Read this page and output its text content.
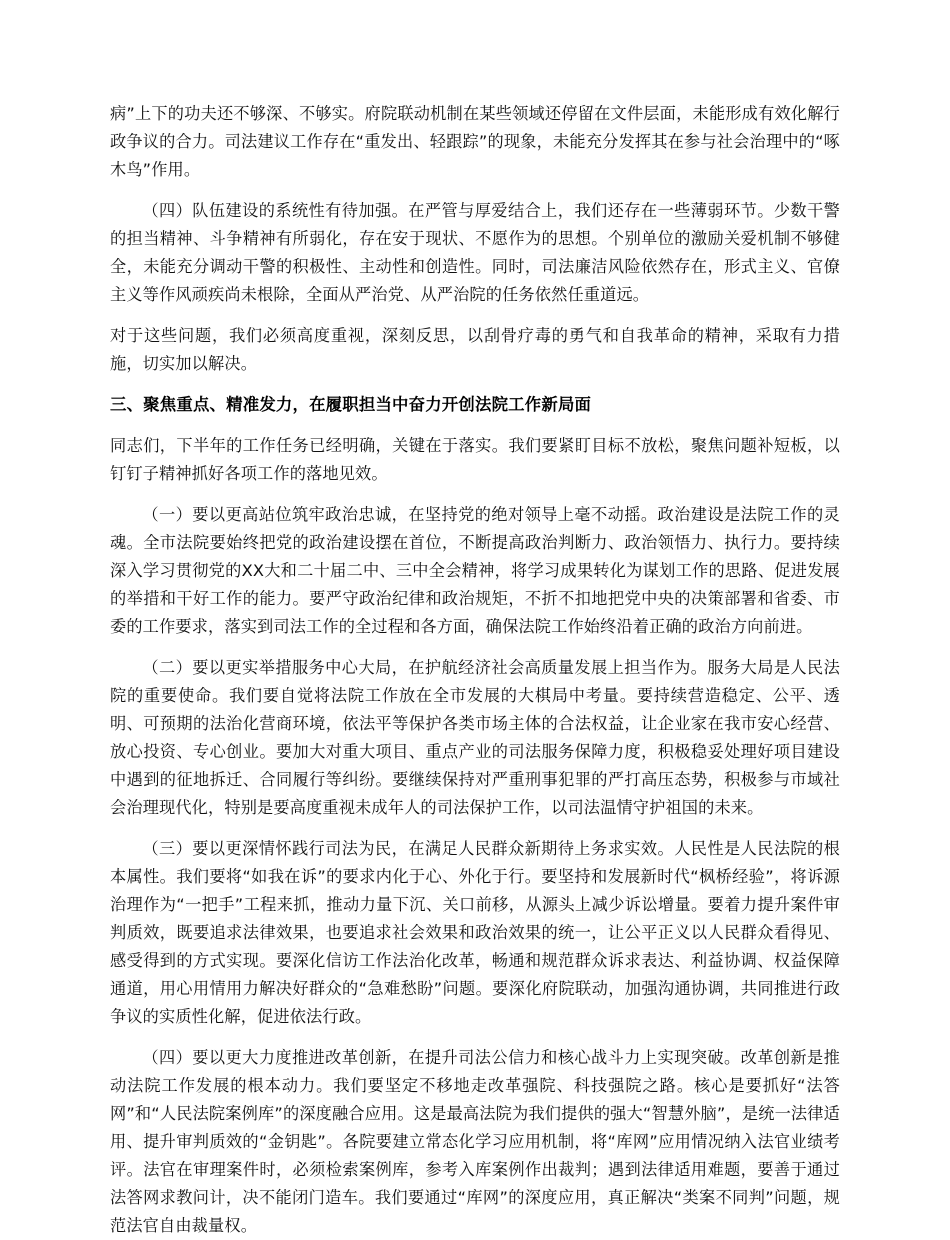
病”上下的功夫还不够深、不够实。府院联动机制在某些领域还停留在文件层面，未能形成有效化解行政争议的合力。司法建议工作存在“重发出、轻跟踪”的现象，未能充分发挥其在参与社会治理中的“啄木鸟”作用。

（四）队伍建设的系统性有待加强。在严管与厚爱结合上，我们还存在一些薄弱环节。少数干警的担当精神、斗争精神有所弱化，存在安于现状、不愿作为的思想。个别单位的激励关爱机制不够健全，未能充分调动干警的积极性、主动性和创造性。同时，司法廉洁风险依然存在，形式主义、官僚主义等作风顽疾尚未根除，全面从严治党、从严治院的任务依然任重道远。

对于这些问题，我们必须高度重视，深刻反思，以刮骨疗毒的勇气和自我革命的精神，采取有力措施，切实加以解决。

三、聚焦重点、精准发力，在履职担当中奋力开创法院工作新局面

同志们，下半年的工作任务已经明确，关键在于落实。我们要紧盯目标不放松，聚焦问题补短板，以钉钉子精神抓好各项工作的落地见效。

（一）要以更高站位筑牢政治忠诚，在坚持党的绝对领导上毫不动摇。政治建设是法院工作的灵魂。全市法院要始终把党的政治建设摆在首位，不断提高政治判断力、政治领悟力、执行力。要持续深入学习贯彻党的XX大和二十届二中、三中全会精神，将学习成果转化为谋划工作的思路、促进发展的举措和干好工作的能力。要严守政治纪律和政治规矩，不折不扣地把党中央的决策部署和省委、市委的工作要求，落实到司法工作的全过程和各方面，确保法院工作始终沿着正确的政治方向前进。

（二）要以更实举措服务中心大局，在护航经济社会高质量发展上担当作为。服务大局是人民法院的重要使命。我们要自觉将法院工作放在全市发展的大棋局中考量。要持续营造稳定、公平、透明、可预期的法治化营商环境，依法平等保护各类市场主体的合法权益，让企业家在我市安心经营、放心投资、专心创业。要加大对重大项目、重点产业的司法服务保障力度，积极稳妥处理好项目建设中遇到的征地拆迁、合同履行等纠纷。要继续保持对严重刑事犯罪的严打高压态势，积极参与市域社会治理现代化，特别是要高度重视未成年人的司法保护工作，以司法温情守护祖国的未来。

（三）要以更深情怀践行司法为民，在满足人民群众新期待上务求实效。人民性是人民法院的根本属性。我们要将“如我在诉”的要求内化于心、外化于行。要坚持和发展新时代“枫桥经验”，将诉源治理作为“一把手”工程来抓，推动力量下沉、关口前移，从源头上减少诉讼增量。要着力提升案件审判质效，既要追求法律效果，也要追求社会效果和政治效果的统一，让公平正义以人民群众看得见、感受得到的方式实现。要深化信访工作法治化改革，畅通和规范群众诉求表达、利益协调、权益保障通道，用心用情用力解决好群众的“急难愁盼”问题。要深化府院联动，加强沟通协调，共同推进行政争议的实质性化解，促进依法行政。

（四）要以更大力度推进改革创新，在提升司法公信力和核心战斗力上实现突破。改革创新是推动法院工作发展的根本动力。我们要坚定不移地走改革强院、科技强院之路。核心是要抓好“法答网”和“人民法院案例库”的深度融合应用。这是最高法院为我们提供的强大“智慧外脑”，是统一法律适用、提升审判质效的“金钥匙”。各院要建立常态化学习应用机制，将“库网”应用情况纳入法官业绩考评。法官在审理案件时，必须检索案例库，参考入库案例作出裁判；遇到法律适用难题，要善于通过法答网求教问计，决不能闭门造车。我们要通过“库网”的深度应用，真正解决“类案不同判”问题，规范法官自由裁量权。
